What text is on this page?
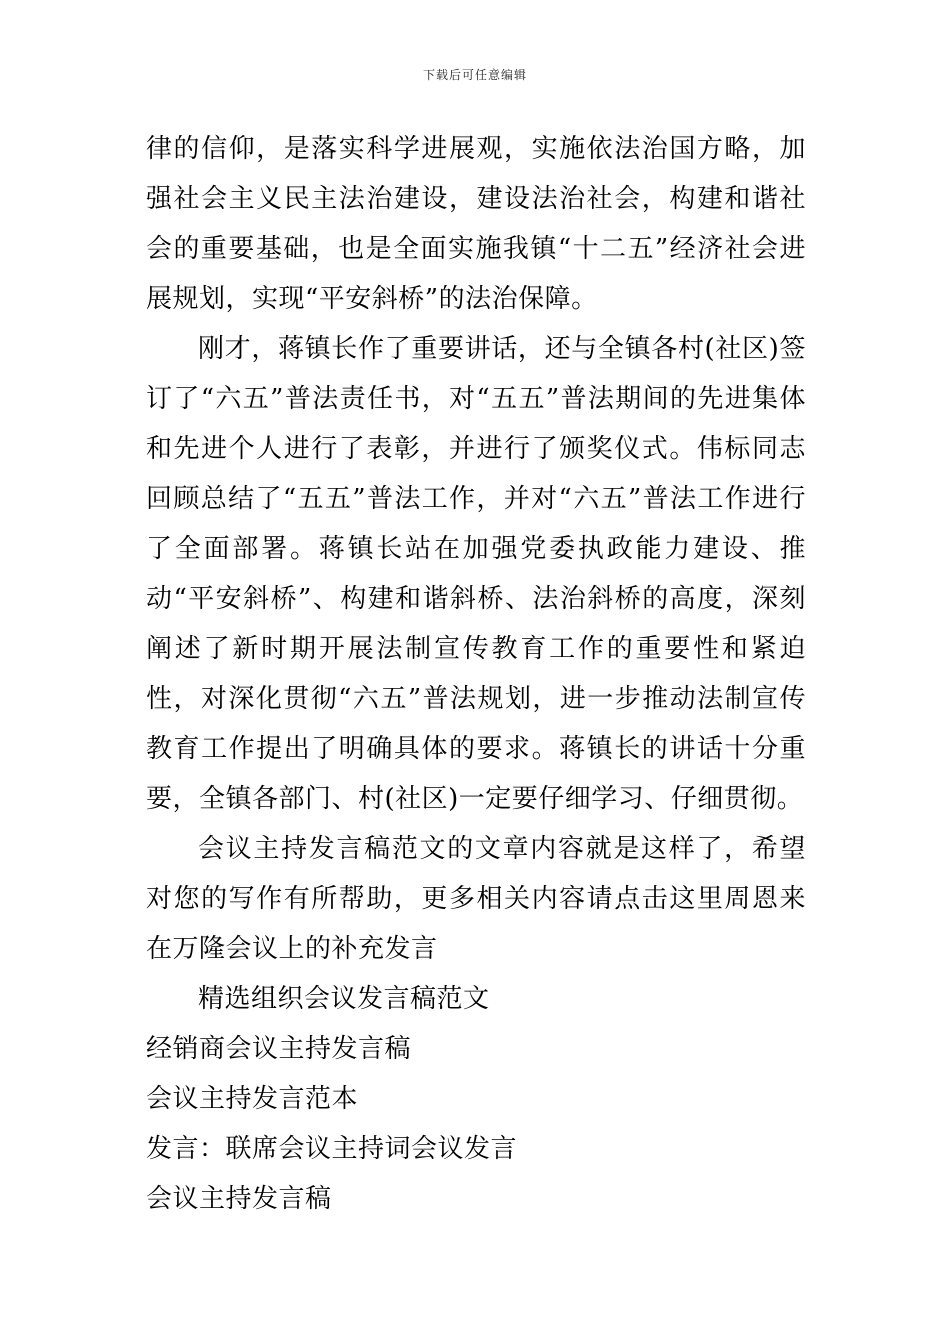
下载后可任意编辑

律的信仰，是落实科学进展观，实施依法治国方略，加强社会主义民主法治建设，建设法治社会，构建和谐社会的重要基础，也是全面实施我镇“十二五”经济社会进展规划，实现“平安斜桥”的法治保障。

刚才，蒋镇长作了重要讲话，还与全镇各村(社区)签订了“六五”普法责任书，对“五五”普法期间的先进集体和先进个人进行了表彰，并进行了颁奖仪式。伟标同志回顾总结了“五五”普法工作，并对“六五”普法工作进行了全面部署。蒋镇长站在加强党委执政能力建设、推动“平安斜桥”、构建和谐斜桥、法治斜桥的高度，深刻阐述了新时期开展法制宣传教育工作的重要性和紧迫性，对深化贯彻“六五”普法规划，进一步推动法制宣传教育工作提出了明确具体的要求。蒋镇长的讲话十分重要，全镇各部门、村(社区)一定要仔细学习、仔细贯彻。

会议主持发言稿范文的文章内容就是这样了，希望对您的写作有所帮助，更多相关内容请点击这里周恩来在万隆会议上的补充发言

精选组织会议发言稿范文

经销商会议主持发言稿

会议主持发言范本

发言：联席会议主持词会议发言

会议主持发言稿
